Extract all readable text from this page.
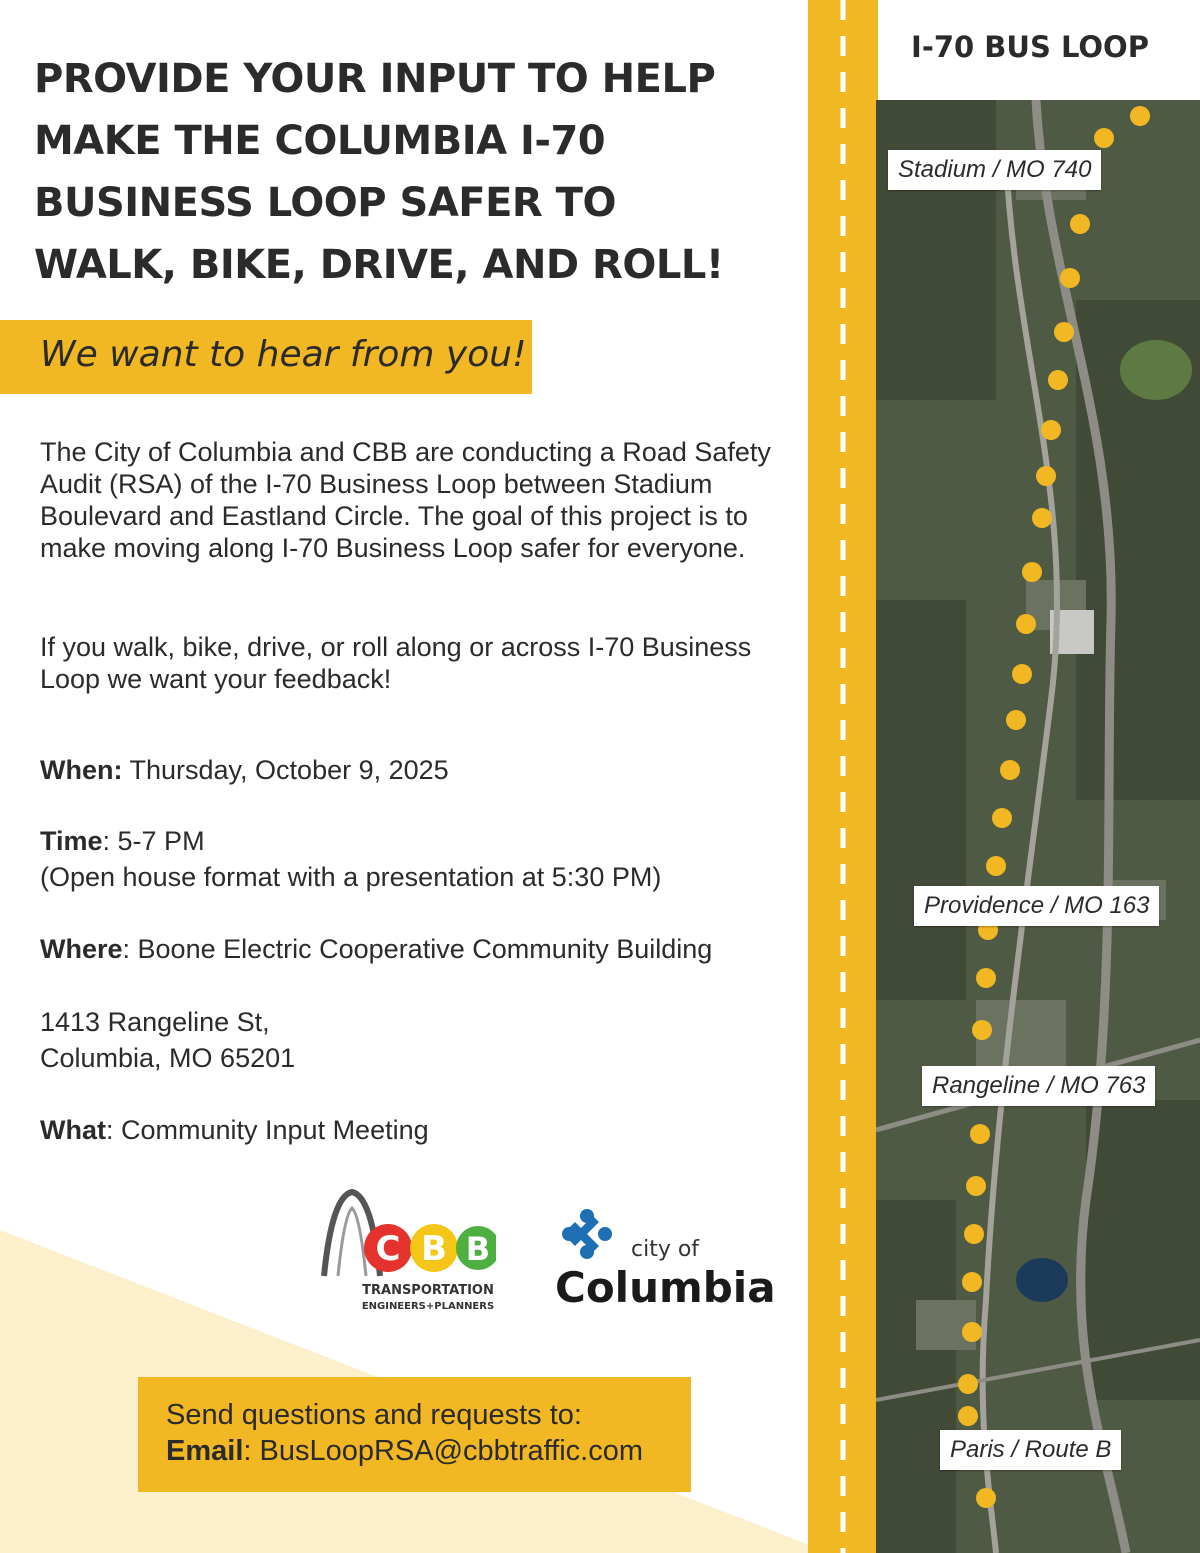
PROVIDE YOUR INPUT TO HELP
MAKE THE COLUMBIA I-70
BUSINESS LOOP SAFER TO
WALK, BIKE, DRIVE, AND ROLL!
We want to hear from you!

The City of Columbia and CBB are conducting a Road Safety Audit (RSA) of the I-70 Business Loop between Stadium Boulevard and Eastland Circle. The goal of this project is to make moving along I-70 Business Loop safer for everyone.

If you walk, bike, drive, or roll along or across I-70 Business Loop we want your feedback!

When: Thursday, October 9, 2025
Time: 5-7 PM
(Open house format with a presentation at 5:30 PM)
Where: Boone Electric Cooperative Community Building
1413 Rangeline St,
Columbia, MO 65201
What: Community Input Meeting
C B B
TRANSPORTATION
ENGINEERS+PLANNERS
city of
Columbia
Send questions and requests to:
Email: BusLoopRSA@cbbtraffic.com
I-70 BUS LOOP
Stadium / MO 740
Providence / MO 163
Rangeline / MO 763
Paris / Route B
